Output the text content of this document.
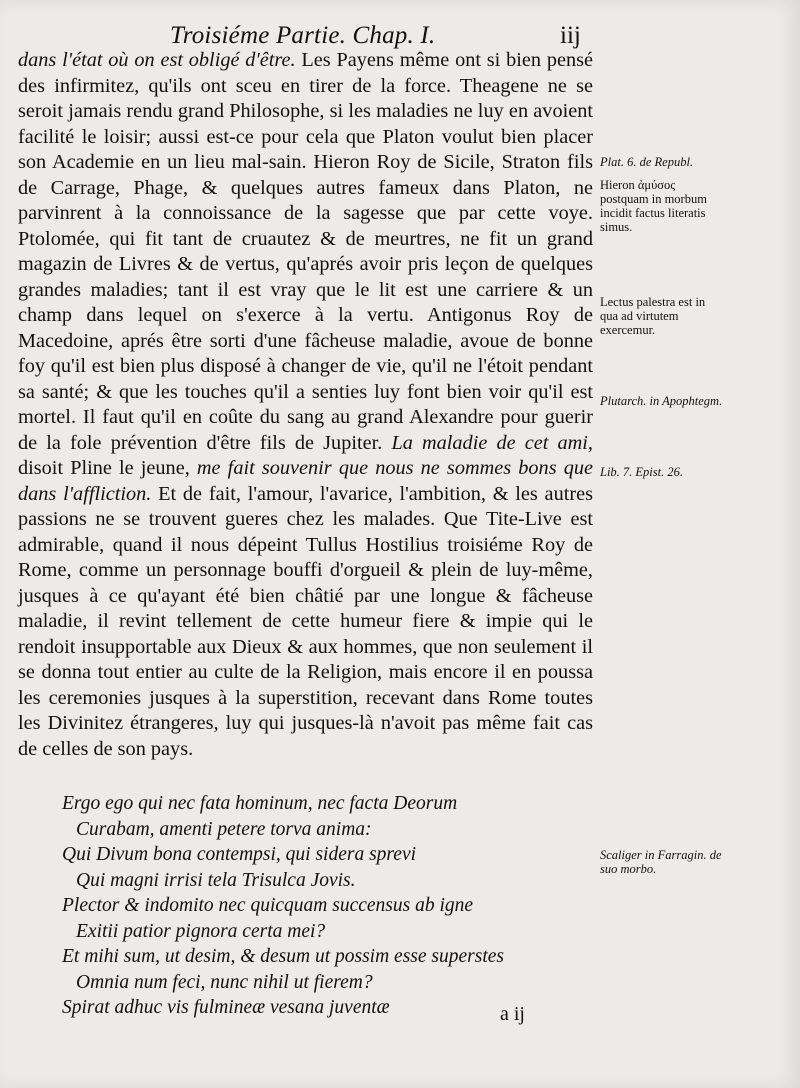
Troisiéme Partie. Chap. I.	iij

dans l'état où on est obligé d'être. Les Payens même ont si bien pensé des infirmitez, qu'ils ont sceu en tirer de la force. Theagene ne se seroit jamais rendu grand Philosophe, si les maladies ne luy en avoient facilité le loisir; aussi est-ce pour cela que Platon voulut bien placer son Academie en un lieu mal-sain. Hieron Roy de Sicile, Straton fils de Carrage, Phage, & quelques autres fameux dans Platon, ne parvinrent à la connoissance de la sagesse que par cette voye. Ptolomée, qui fit tant de cruautez & de meurtres, ne fit un grand magazin de Livres & de vertus, qu'aprés avoir pris leçon de quelques grandes maladies; tant il est vray que le lit est une carriere & un champ dans lequel on s'exerce à la vertu. Antigonus Roy de Macedoine, aprés être sorti d'une fâcheuse maladie, avoue de bonne foy qu'il est bien plus disposé à changer de vie, qu'il ne l'étoit pendant sa santé; & que les touches qu'il a senties luy font bien voir qu'il est mortel. Il faut qu'il en coûte du sang au grand Alexandre pour guerir de la fole prévention d'être fils de Jupiter. La maladie de cet ami, disoit Pline le jeune, me fait souvenir que nous ne sommes bons que dans l'affliction. Et de fait, l'amour, l'avarice, l'ambition, & les autres passions ne se trouvent gueres chez les malades. Que Tite-Live est admirable, quand il nous dépeint Tullus Hostilius troisiéme Roy de Rome, comme un personnage bouffi d'orgueil & plein de luy-même, jusques à ce qu'ayant été bien châtié par une longue & fâcheuse maladie, il revint tellement de cette humeur fiere & impie qui le rendoit insupportable aux Dieux & aux hommes, que non seulement il se donna tout entier au culte de la Religion, mais encore il en poussa les ceremonies jusques à la superstition, recevant dans Rome toutes les Divinitez étrangeres, luy qui jusques-là n'avoit pas même fait cas de celles de son pays.

Ergo ego qui nec fata hominum, nec facta Deorum
Curabam, amenti petere torva anima:
Qui Divum bona contempsi, qui sidera sprevi
Qui magni irrisi tela Trisulca Jovis.
Plector & indomito nec quicquam succensus ab igne
Exitii patior pignora certa mei?
Et mihi sum, ut desim, & desum ut possim esse superstes
Omnia num feci, nunc nihil ut fierem?
Spirat adhuc vis fulmineæ vesana juventæ
Plat. 6. de Republ.
Hieron ἀμύσος postquam in morbum incidit factus literatis simus.
Lectus palestra est in qua ad virtutem exercemur.
Plutarch. in Apophtegm.
Lib. 7. Epist. 26.
Scaliger in Farragin. de suo morbo.
a ij
